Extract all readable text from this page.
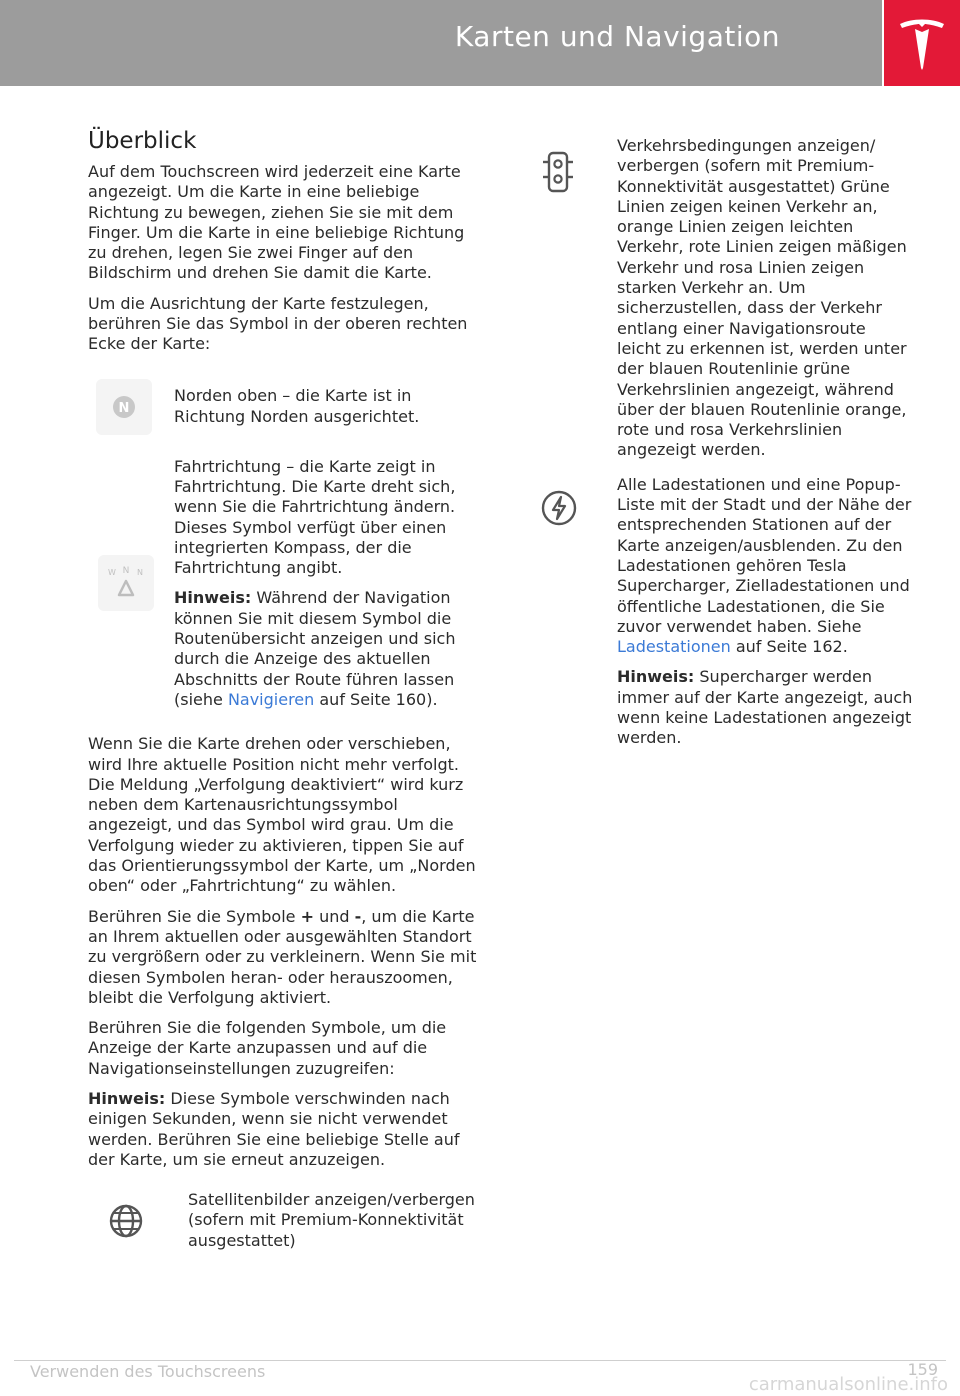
Karten und Navigation
Überblick

Auf dem Touchscreen wird jederzeit eine Karte angezeigt. Um die Karte in eine beliebige Richtung zu bewegen, ziehen Sie sie mit dem Finger. Um die Karte in eine beliebige Richtung zu drehen, legen Sie zwei Finger auf den Bildschirm und drehen Sie damit die Karte.

Um die Ausrichtung der Karte festzulegen, berühren Sie das Symbol in der oberen rechten Ecke der Karte:

N

Norden oben – die Karte ist in Richtung Norden ausgerichtet.

N
W	N

Fahrtrichtung – die Karte zeigt in Fahrtrichtung. Die Karte dreht sich, wenn Sie die Fahrtrichtung ändern. Dieses Symbol verfügt über einen integrierten Kompass, der die Fahrtrichtung angibt.

Hinweis: Während der Navigation können Sie mit diesem Symbol die Routenübersicht anzeigen und sich durch die Anzeige des aktuellen Abschnitts der Route führen lassen (siehe Navigieren auf Seite 160).

Wenn Sie die Karte drehen oder verschieben, wird Ihre aktuelle Position nicht mehr verfolgt. Die Meldung „Verfolgung deaktiviert“ wird kurz neben dem Kartenausrichtungssymbol angezeigt, und das Symbol wird grau. Um die Verfolgung wieder zu aktivieren, tippen Sie auf das Orientierungssymbol der Karte, um „Norden oben“ oder „Fahrtrichtung“ zu wählen.

Berühren Sie die Symbole + und -, um die Karte an Ihrem aktuellen oder ausgewählten Standort zu vergrößern oder zu verkleinern. Wenn Sie mit diesen Symbolen heran- oder herauszoomen, bleibt die Verfolgung aktiviert.

Berühren Sie die folgenden Symbole, um die Anzeige der Karte anzupassen und auf die Navigationseinstellungen zuzugreifen:

Hinweis: Diese Symbole verschwinden nach einigen Sekunden, wenn sie nicht verwendet werden. Berühren Sie eine beliebige Stelle auf der Karte, um sie erneut anzuzeigen.

Satellitenbilder anzeigen/verbergen (sofern mit Premium-Konnektivität ausgestattet)

Verkehrsbedingungen anzeigen/ verbergen (sofern mit Premium-Konnektivität ausgestattet) Grüne Linien zeigen keinen Verkehr an, orange Linien zeigen leichten Verkehr, rote Linien zeigen mäßigen Verkehr und rosa Linien zeigen starken Verkehr an. Um sicherzustellen, dass der Verkehr entlang einer Navigationsroute leicht zu erkennen ist, werden unter der blauen Routenlinie grüne Verkehrslinien angezeigt, während über der blauen Routenlinie orange, rote und rosa Verkehrslinien angezeigt werden.

Alle Ladestationen und eine Popup-Liste mit der Stadt und der Nähe der entsprechenden Stationen auf der Karte anzeigen/ausblenden. Zu den Ladestationen gehören Tesla Supercharger, Zielladestationen und öffentliche Ladestationen, die Sie zuvor verwendet haben. Siehe Ladestationen auf Seite 162.

Hinweis: Supercharger werden immer auf der Karte angezeigt, auch wenn keine Ladestationen angezeigt werden.

Verwenden des Touchscreens	159
carmanualsonline.info
